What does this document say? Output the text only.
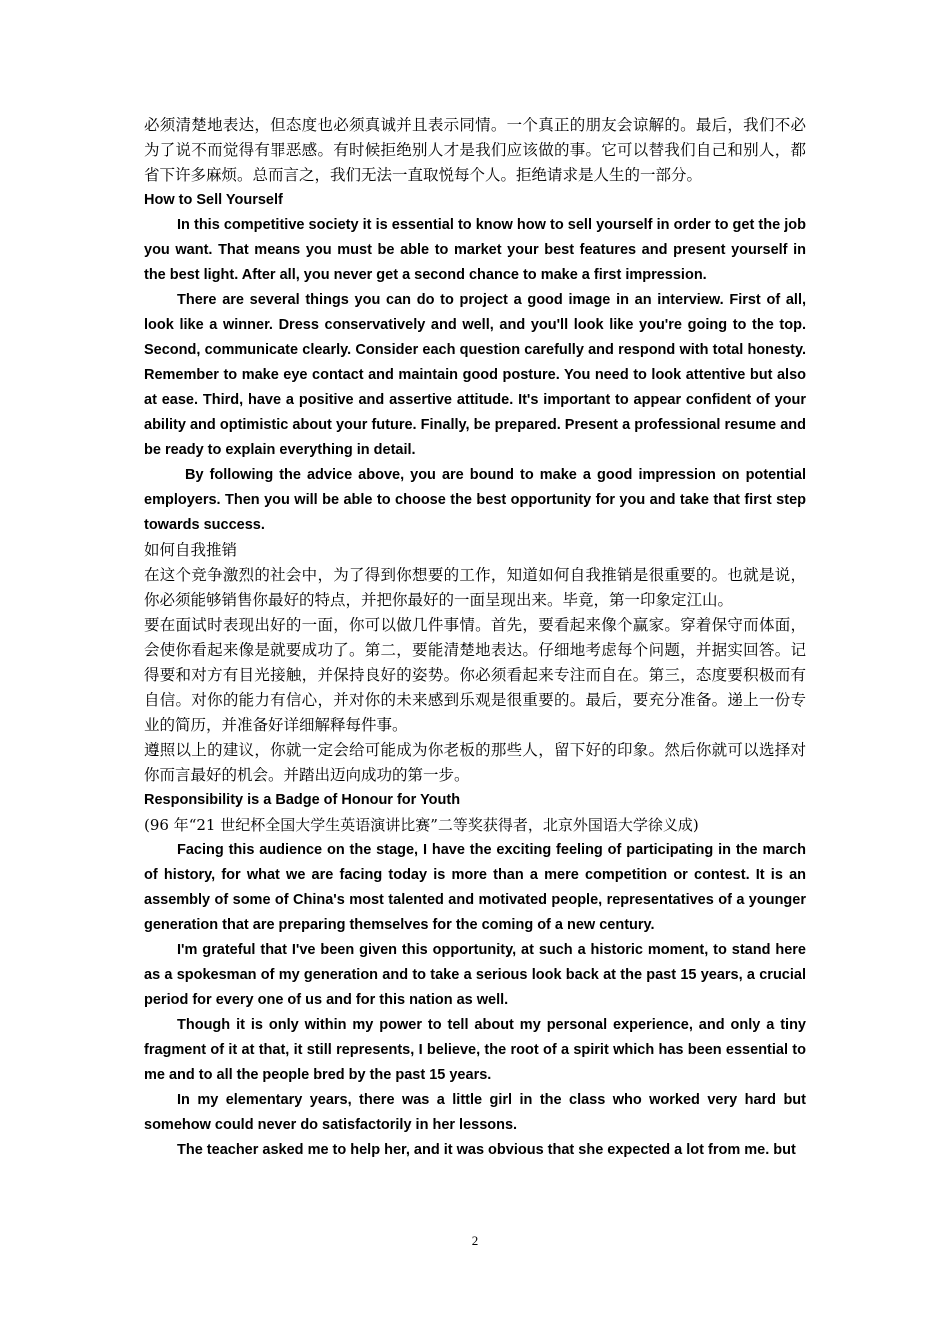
必须清楚地表达，但态度也必须真诚并且表示同情。一个真正的朋友会谅解的。最后，我们不必为了说不而觉得有罪恶感。有时候拒绝别人才是我们应该做的事。它可以替我们自己和别人，都省下许多麻烦。总而言之，我们无法一直取悦每个人。拒绝请求是人生的一部分。

How to Sell Yourself

In this competitive society it is essential to know how to sell yourself in order to get the job you want. That means you must be able to market your best features and present yourself in the best light. After all, you never get a second chance to make a first impression.

There are several things you can do to project a good image in an interview. First of all, look like a winner. Dress conservatively and well, and you'll look like you're going to the top. Second, communicate clearly. Consider each question carefully and respond with total honesty. Remember to make eye contact and maintain good posture. You need to look attentive but also at ease. Third, have a positive and assertive attitude. It's important to appear confident of your ability and optimistic about your future. Finally, be prepared. Present a professional resume and be ready to explain everything in detail.

By following the advice above, you are bound to make a good impression on potential employers. Then you will be able to choose the best opportunity for you and take that first step towards success.

如何自我推销

在这个竞争激烈的社会中，为了得到你想要的工作，知道如何自我推销是很重要的。也就是说，你必须能够销售你最好的特点，并把你最好的一面呈现出来。毕竟，第一印象定江山。

要在面试时表现出好的一面，你可以做几件事情。首先，要看起来像个赢家。穿着保守而体面，会使你看起来像是就要成功了。第二，要能清楚地表达。仔细地考虑每个问题，并据实回答。记得要和对方有目光接触，并保持良好的姿势。你必须看起来专注而自在。第三，态度要积极而有自信。对你的能力有信心，并对你的未来感到乐观是很重要的。最后，要充分准备。递上一份专业的简历，并准备好详细解释每件事。

遵照以上的建议，你就一定会给可能成为你老板的那些人，留下好的印象。然后你就可以选择对你而言最好的机会。并踏出迈向成功的第一步。

Responsibility is a Badge of Honour for Youth

(96 年“21 世纪杯全国大学生英语演讲比赛”二等奖获得者，北京外国语大学徐义成)

Facing this audience on the stage, I have the exciting feeling of participating in the march of history, for what we are facing today is more than a mere competition or contest. It is an assembly of some of China's most talented and motivated people, representatives of a younger generation that are preparing themselves for the coming of a new century.

I'm grateful that I've been given this opportunity, at such a historic moment, to stand here as a spokesman of my generation and to take a serious look back at the past 15 years, a crucial period for every one of us and for this nation as well.

Though it is only within my power to tell about my personal experience, and only a tiny fragment of it at that, it still represents, I believe, the root of a spirit which has been essential to me and to all the people bred by the past 15 years.

In my elementary years, there was a little girl in the class who worked very hard but somehow could never do satisfactorily in her lessons.

The teacher asked me to help her, and it was obvious that she expected a lot from me. but

2
